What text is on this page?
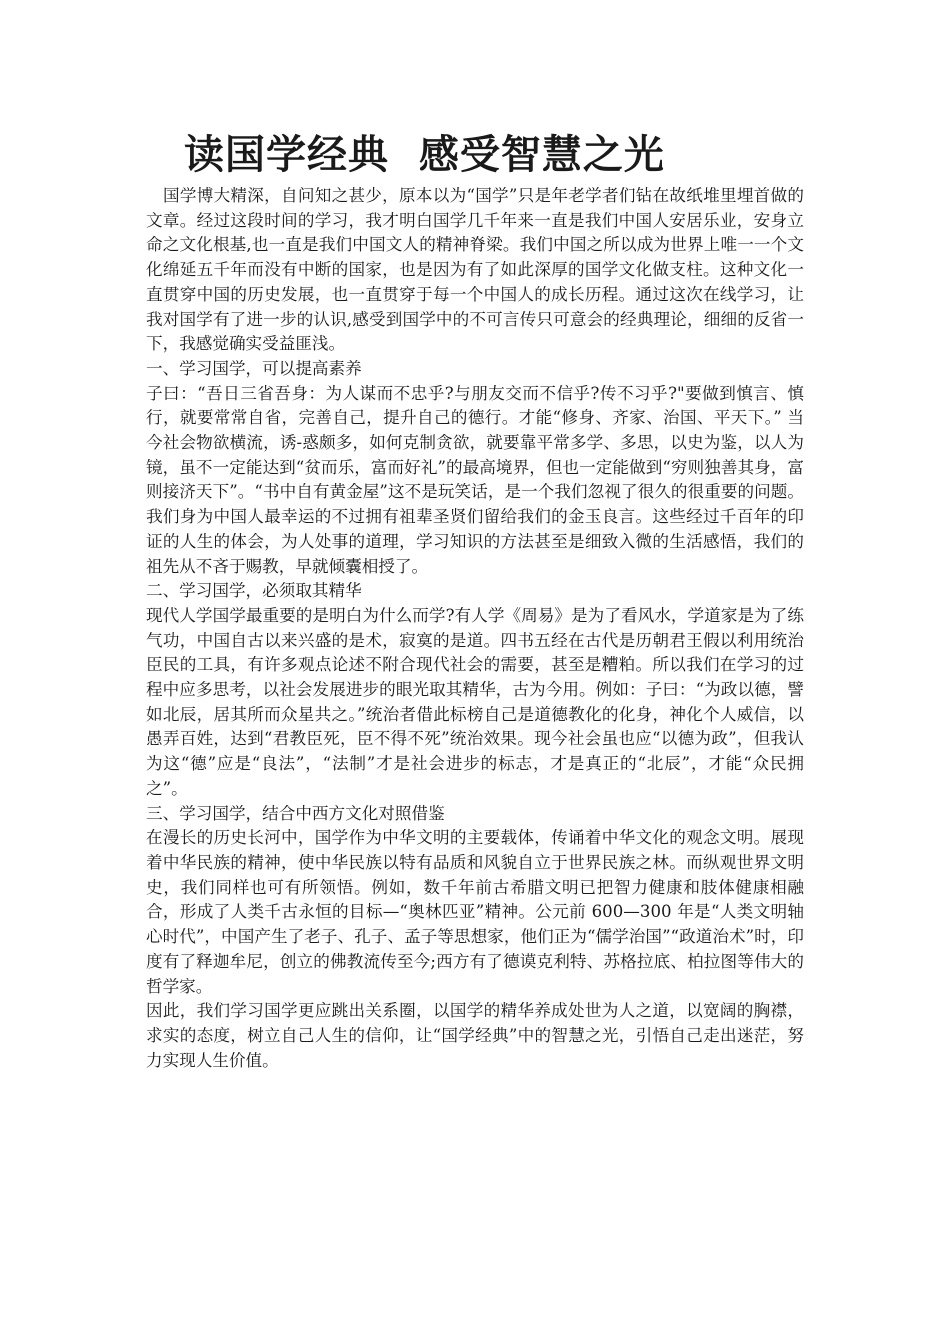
读国学经典  感受智慧之光

国学博大精深，自问知之甚少，原本以为“国学”只是年老学者们钻在故纸堆里埋首做的文章。经过这段时间的学习，我才明白国学几千年来一直是我们中国人安居乐业，安身立命之文化根基,也一直是我们中国文人的精神脊梁。我们中国之所以成为世界上唯一一个文化绵延五千年而没有中断的国家，也是因为有了如此深厚的国学文化做支柱。这种文化一直贯穿中国的历史发展，也一直贯穿于每一个中国人的成长历程。通过这次在线学习，让我对国学有了进一步的认识,感受到国学中的不可言传只可意会的经典理论，细细的反省一下，我感觉确实受益匪浅。

一、学习国学，可以提高素养

子曰：“吾日三省吾身：为人谋而不忠乎?与朋友交而不信乎?传不习乎?"要做到慎言、慎行，就要常常自省，完善自己，提升自己的德行。才能“修身、齐家、治国、平天下。” 当今社会物欲横流，诱-惑颇多，如何克制贪欲，就要靠平常多学、多思，以史为鉴，以人为镜，虽不一定能达到“贫而乐，富而好礼”的最高境界，但也一定能做到“穷则独善其身，富则接济天下”。“书中自有黄金屋”这不是玩笑话，是一个我们忽视了很久的很重要的问题。我们身为中国人最幸运的不过拥有祖辈圣贤们留给我们的金玉良言。这些经过千百年的印证的人生的体会，为人处事的道理，学习知识的方法甚至是细致入微的生活感悟，我们的祖先从不吝于赐教，早就倾囊相授了。

二、学习国学，必须取其精华

现代人学国学最重要的是明白为什么而学?有人学《周易》是为了看风水，学道家是为了练气功，中国自古以来兴盛的是术，寂寞的是道。四书五经在古代是历朝君王假以利用统治臣民的工具，有许多观点论述不附合现代社会的需要，甚至是糟粕。所以我们在学习的过程中应多思考，以社会发展进步的眼光取其精华，古为今用。例如：子曰：“为政以德，譬如北辰，居其所而众星共之。”统治者借此标榜自己是道德教化的化身，神化个人威信，以愚弄百姓，达到“君教臣死，臣不得不死”统治效果。现今社会虽也应“以德为政”，但我认为这“德”应是“良法”，“法制”才是社会进步的标志，才是真正的“北辰”，才能“众民拥之”。

三、学习国学，结合中西方文化对照借鉴

在漫长的历史长河中，国学作为中华文明的主要载体，传诵着中华文化的观念文明。展现着中华民族的精神，使中华民族以特有品质和风貌自立于世界民族之林。而纵观世界文明史，我们同样也可有所领悟。例如，数千年前古希腊文明已把智力健康和肢体健康相融合，形成了人类千古永恒的目标—“奥林匹亚”精神。公元前 600—300 年是“人类文明轴心时代”，中国产生了老子、孔子、孟子等思想家，他们正为“儒学治国”“政道治术”时，印度有了释迦牟尼，创立的佛教流传至今;西方有了德谟克利特、苏格拉底、柏拉图等伟大的哲学家。

因此，我们学习国学更应跳出关系圈，以国学的精华养成处世为人之道，以宽阔的胸襟，求实的态度，树立自己人生的信仰，让“国学经典”中的智慧之光，引悟自己走出迷茫，努力实现人生价值。
